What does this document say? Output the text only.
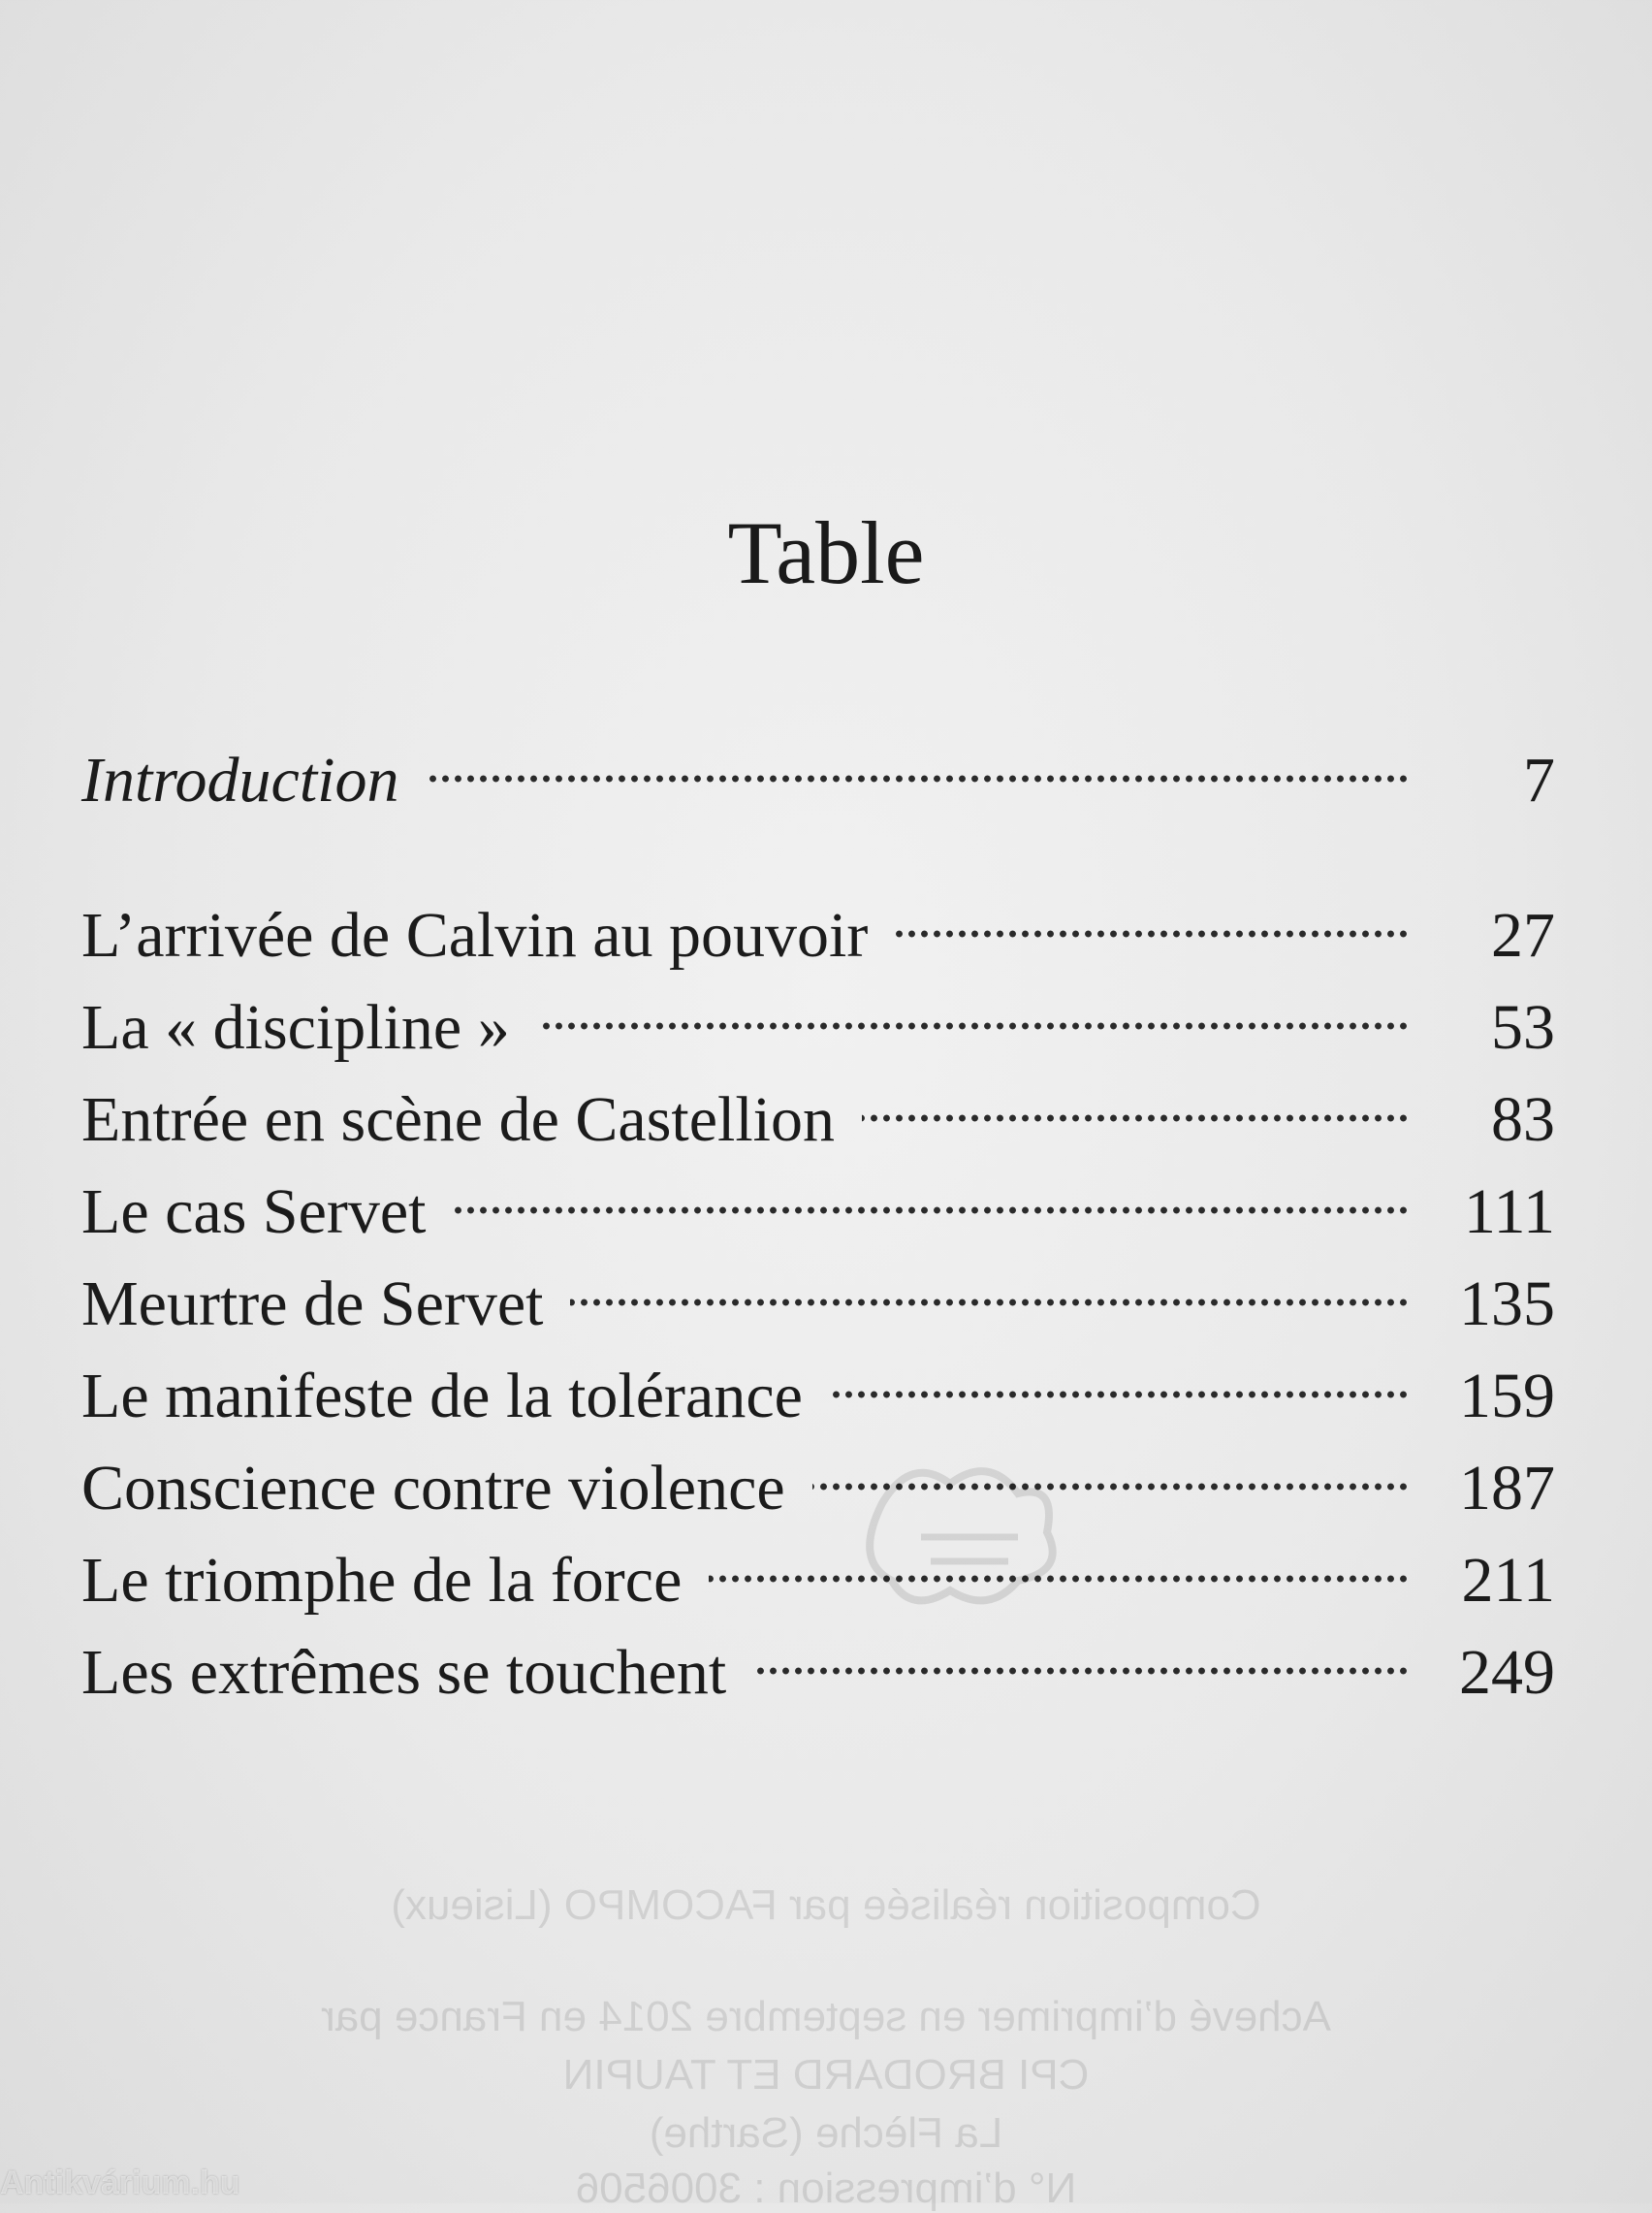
Table
Introduction	7
L’arrivée de Calvin au pouvoir	27
La « discipline »	53
Entrée en scène de Castellion	83
Le cas Servet	111
Meurtre de Servet	135
Le manifeste de la tolérance	159
Conscience contre violence	187
Le triomphe de la force	211
Les extrêmes se touchent	249
Composition réalisée par FACOMPO (Lisieux)
Achevé d’imprimer en septembre 2014 en France par
CPI BRODARD ET TAUPIN
La Flèche (Sarthe)
N° d’impression : 3006506
Antikvárium.hu
